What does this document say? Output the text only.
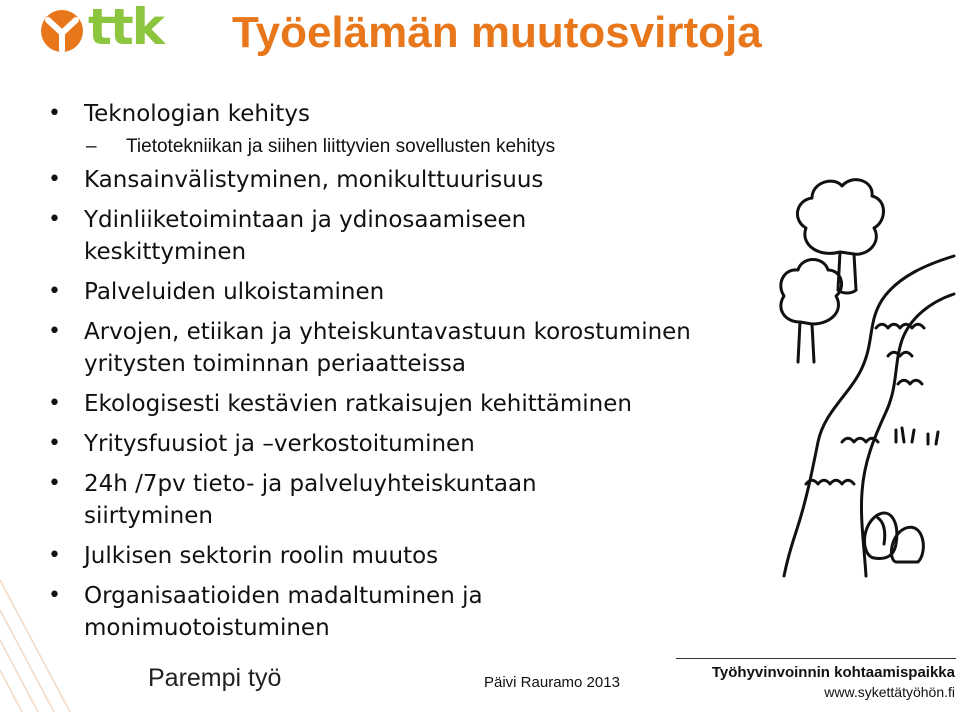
ttk Työelämän muutosvirtoja
• Teknologian kehitys
– Tietotekniikan ja siihen liittyvien sovellusten kehitys
• Kansainvälistyminen, monikulttuurisuus
• Ydinliiketoimintaan ja ydinosaamiseen keskittyminen
• Palveluiden ulkoistaminen
• Arvojen, etiikan ja yhteiskuntavastuun korostuminen yritysten toiminnan periaatteissa
• Ekologisesti kestävien ratkaisujen kehittäminen
• Yritysfuusiot ja –verkostoituminen
• 24h /7pv tieto- ja palveluyhteiskuntaan siirtyminen
• Julkisen sektorin roolin muutos
• Organisaatioiden madaltuminen ja monimuotoistuminen
Parempi työ	Päivi Rauramo 2013
Työhyvinvoinnin kohtaamispaikka
www.sykettätyöhön.fi
